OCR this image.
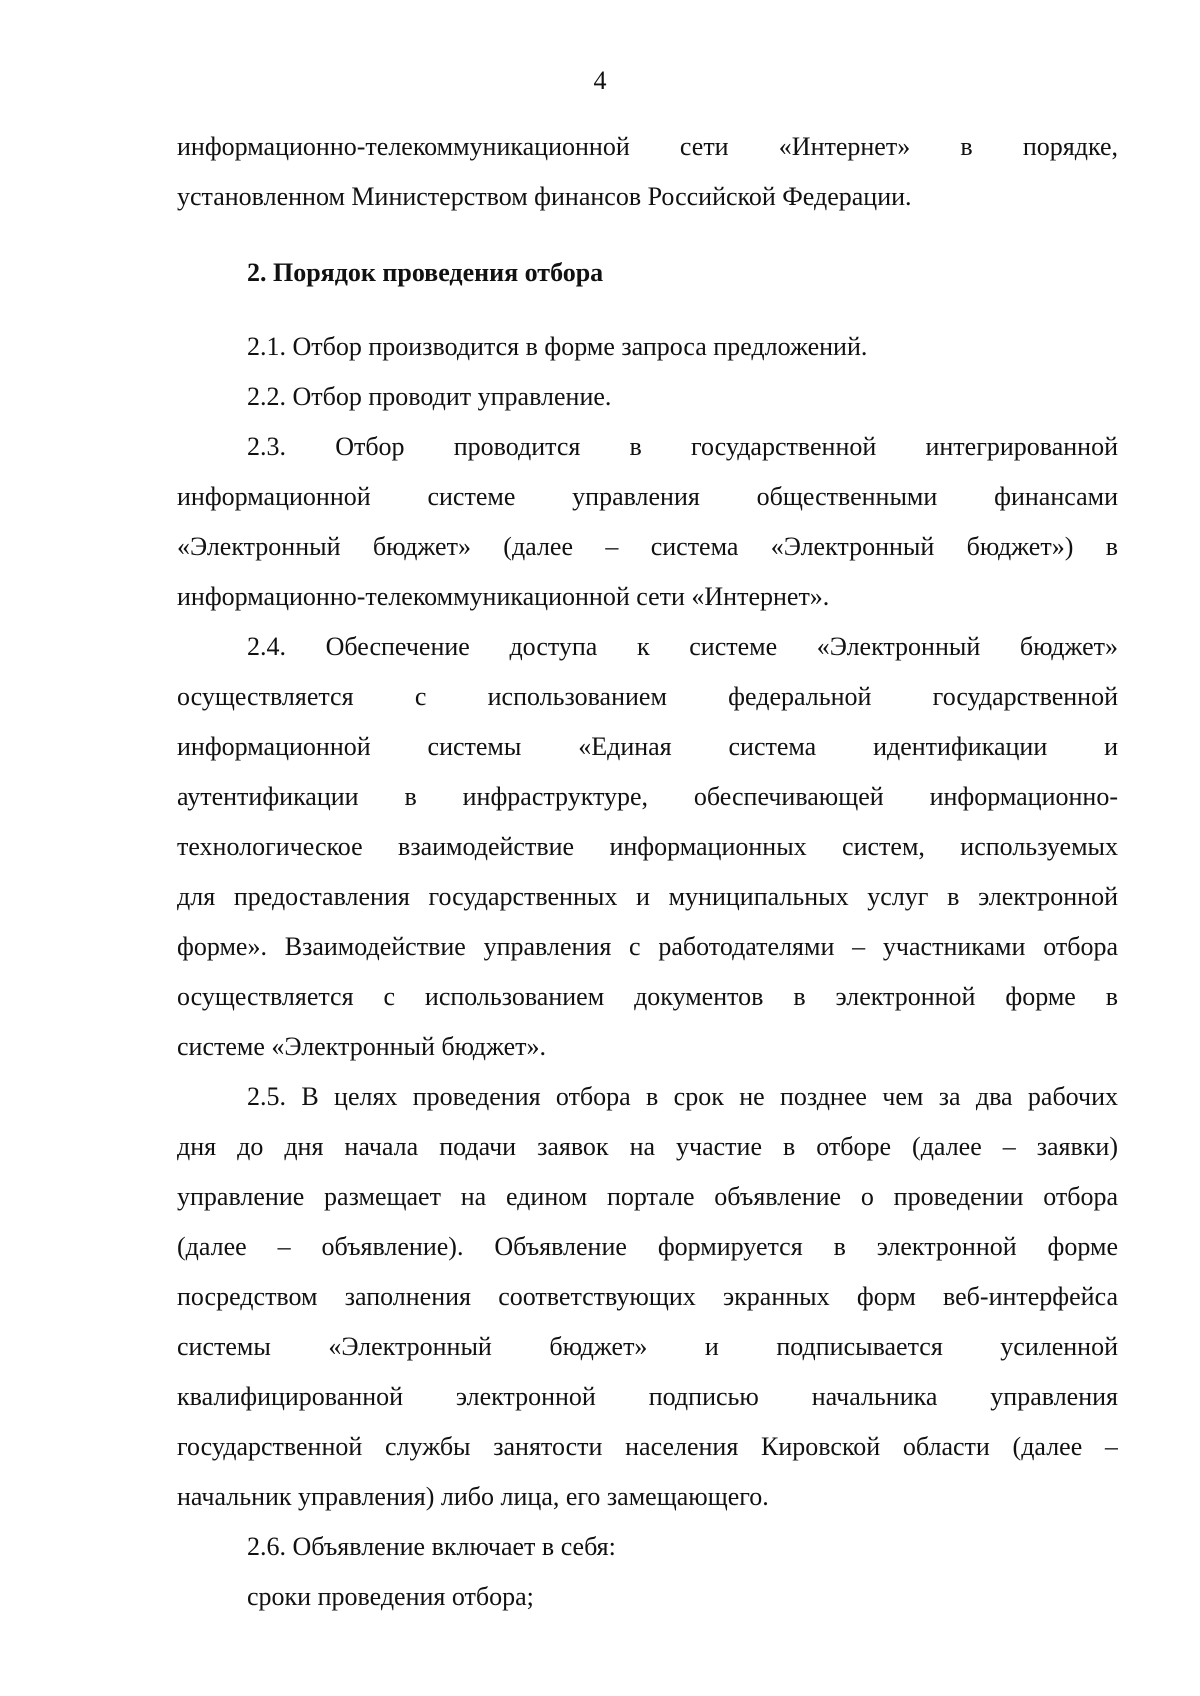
4
информационно-телекоммуникационной сети «Интернет» в порядке,
установленном Министерством финансов Российской Федерации.
2. Порядок проведения отбора
2.1. Отбор производится в форме запроса предложений.
2.2. Отбор проводит управление.
2.3. Отбор проводится в государственной интегрированной
информационной системе управления общественными финансами
«Электронный бюджет» (далее – система «Электронный бюджет») в
информационно-телекоммуникационной сети «Интернет».
2.4. Обеспечение доступа к системе «Электронный бюджет»
осуществляется с использованием федеральной государственной
информационной системы «Единая система идентификации и
аутентификации в инфраструктуре, обеспечивающей информационно-
технологическое взаимодействие информационных систем, используемых
для предоставления государственных и муниципальных услуг в электронной
форме». Взаимодействие управления с работодателями – участниками отбора
осуществляется с использованием документов в электронной форме в
системе «Электронный бюджет».
2.5. В целях проведения отбора в срок не позднее чем за два рабочих
дня до дня начала подачи заявок на участие в отборе (далее – заявки)
управление размещает на едином портале объявление о проведении отбора
(далее – объявление). Объявление формируется в электронной форме
посредством заполнения соответствующих экранных форм веб-интерфейса
системы «Электронный бюджет» и подписывается усиленной
квалифицированной электронной подписью начальника управления
государственной службы занятости населения Кировской области (далее –
начальник управления) либо лица, его замещающего.
2.6. Объявление включает в себя:
сроки проведения отбора;
